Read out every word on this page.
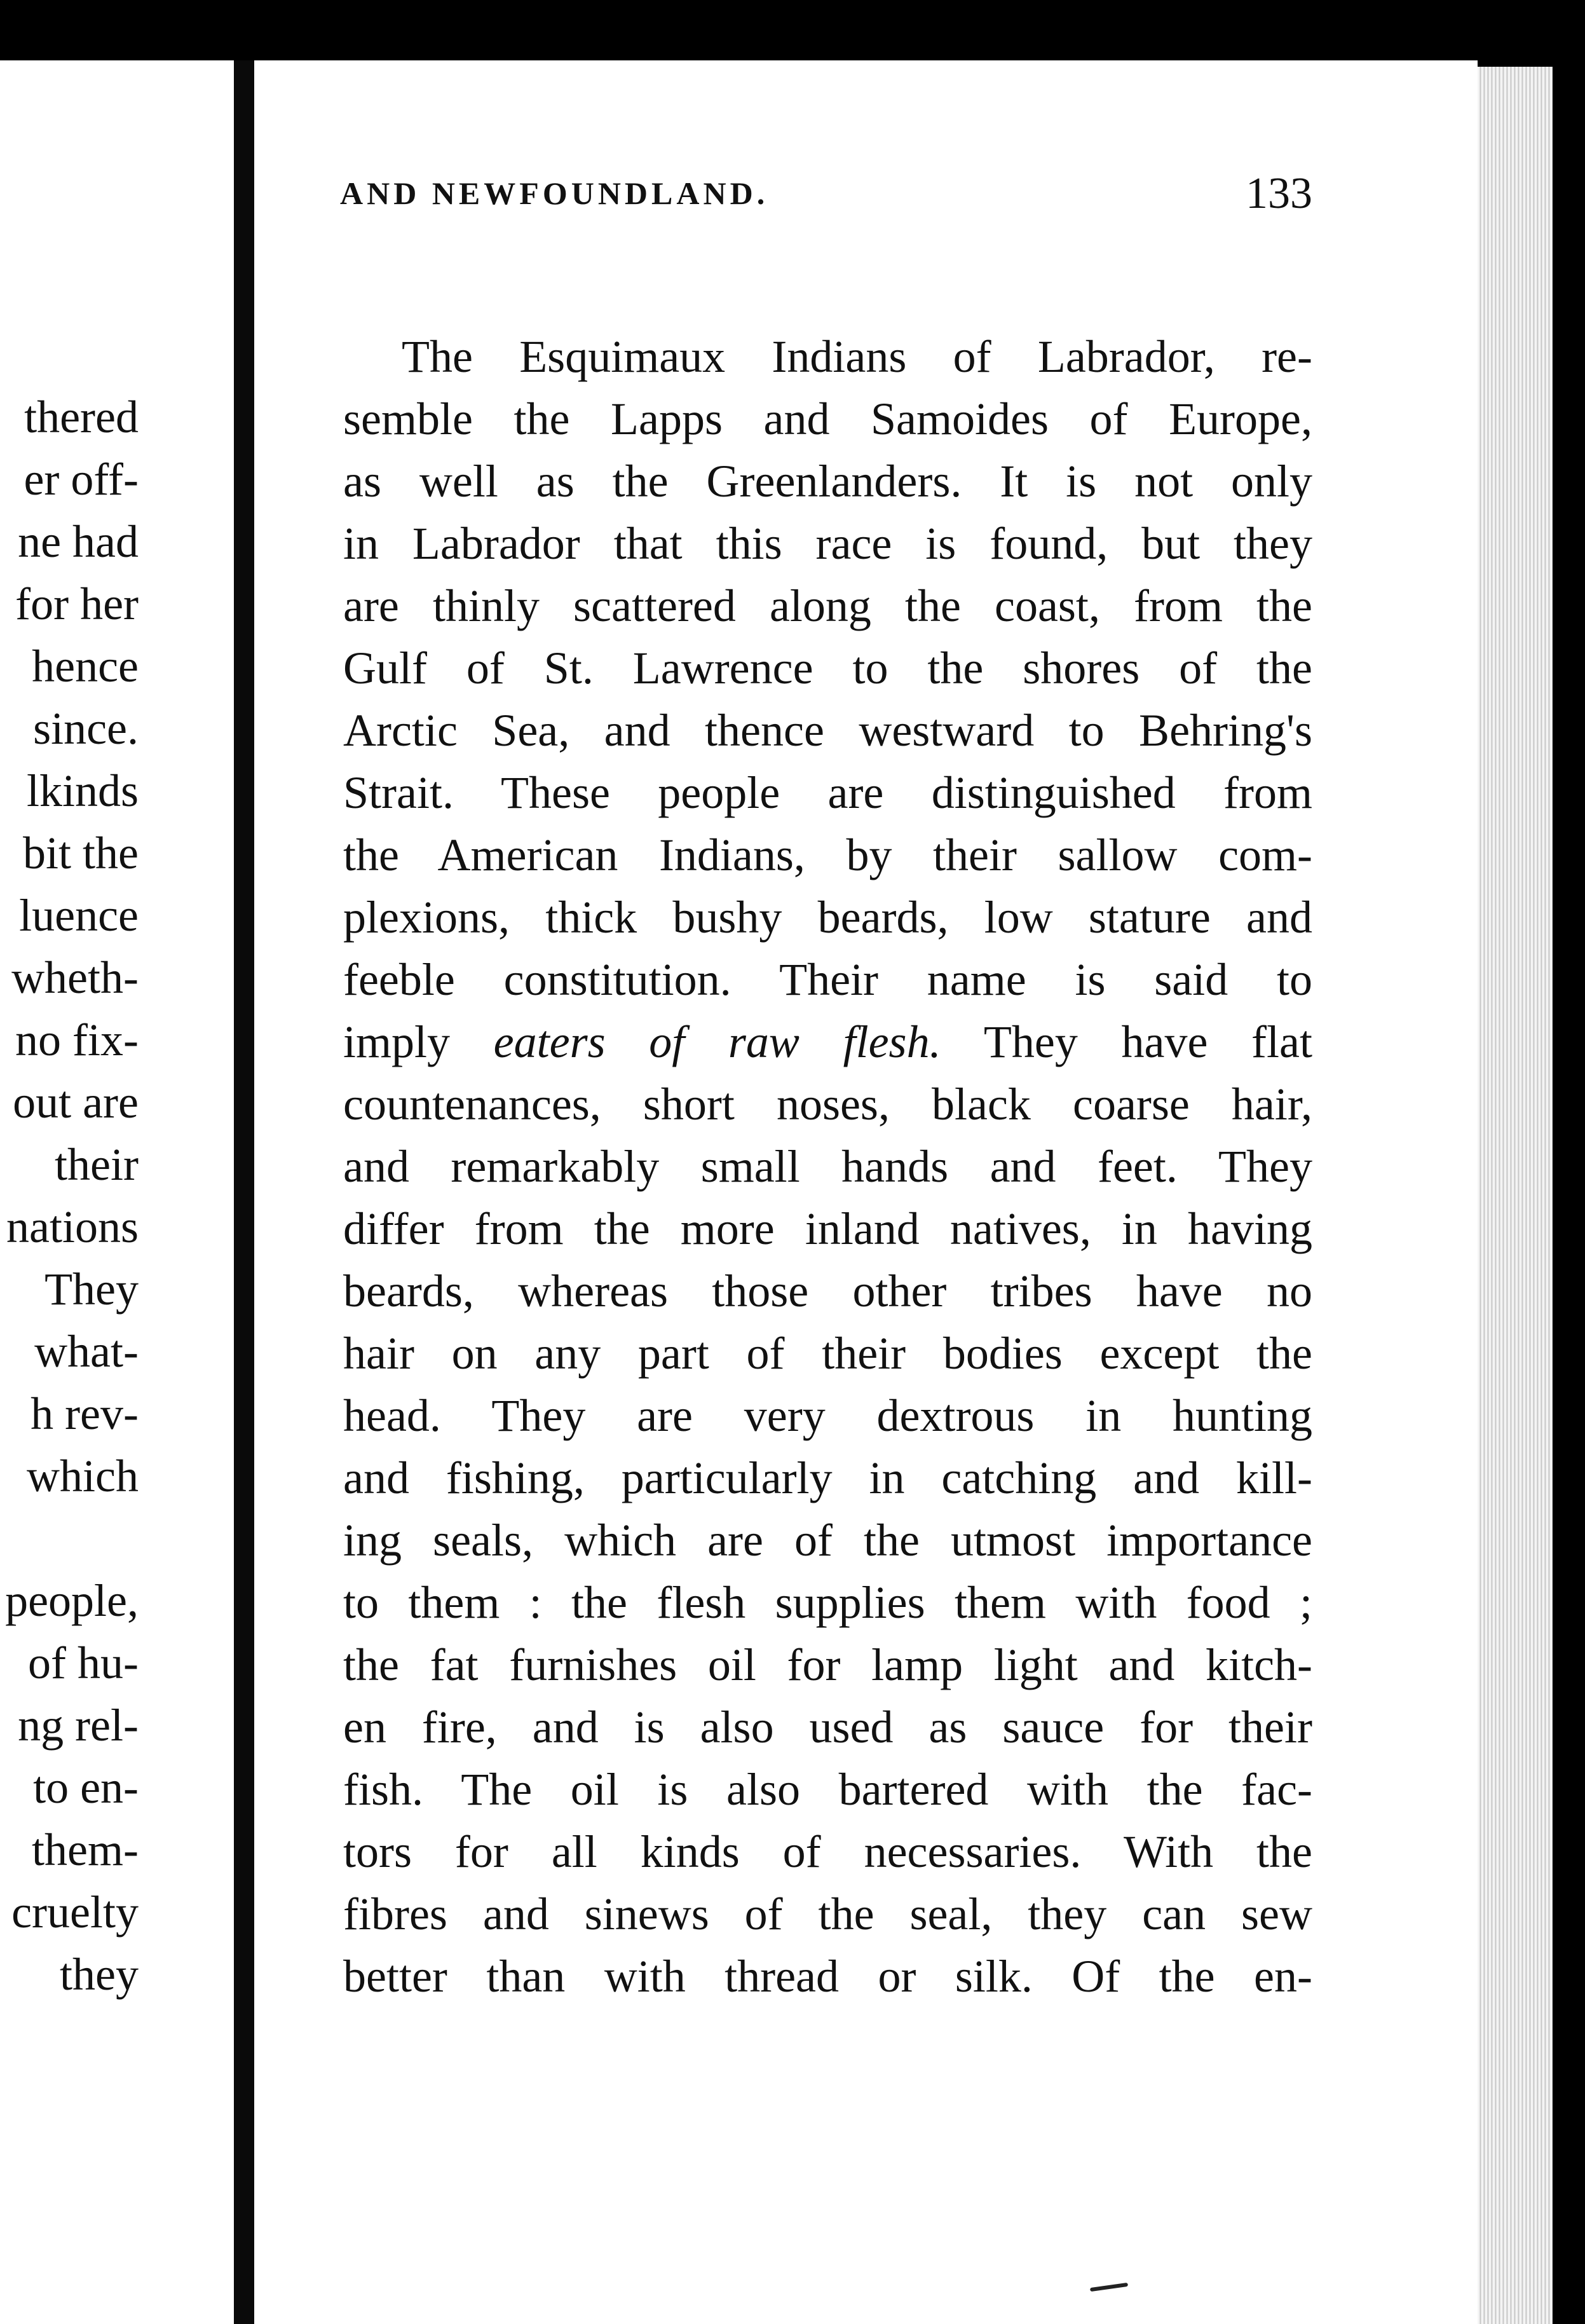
thered
er off-
ne had
for her
hence
since.
lkinds
bit the
luence
wheth-
no fix-
out are
their
nations
They
what-
h rev-
which
people,
of hu-
ng rel-
to en-
them-
cruelty
they
AND NEWFOUNDLAND.	133
The Esquimaux Indians of Labrador, re-
semble the Lapps and Samoides of Europe,
as well as the Greenlanders. It is not only
in Labrador that this race is found, but they
are thinly scattered along the coast, from the
Gulf of St. Lawrence to the shores of the
Arctic Sea, and thence westward to Behring's
Strait. These people are distinguished from
the American Indians, by their sallow com-
plexions, thick bushy beards, low stature and
feeble constitution. Their name is said to
imply eaters of raw flesh. They have flat
countenances, short noses, black coarse hair,
and remarkably small hands and feet. They
differ from the more inland natives, in having
beards, whereas those other tribes have no
hair on any part of their bodies except the
head. They are very dextrous in hunting
and fishing, particularly in catching and kill-
ing seals, which are of the utmost importance
to them : the flesh supplies them with food ;
the fat furnishes oil for lamp light and kitch-
en fire, and is also used as sauce for their
fish. The oil is also bartered with the fac-
tors for all kinds of necessaries. With the
fibres and sinews of the seal, they can sew
better than with thread or silk. Of the en-
